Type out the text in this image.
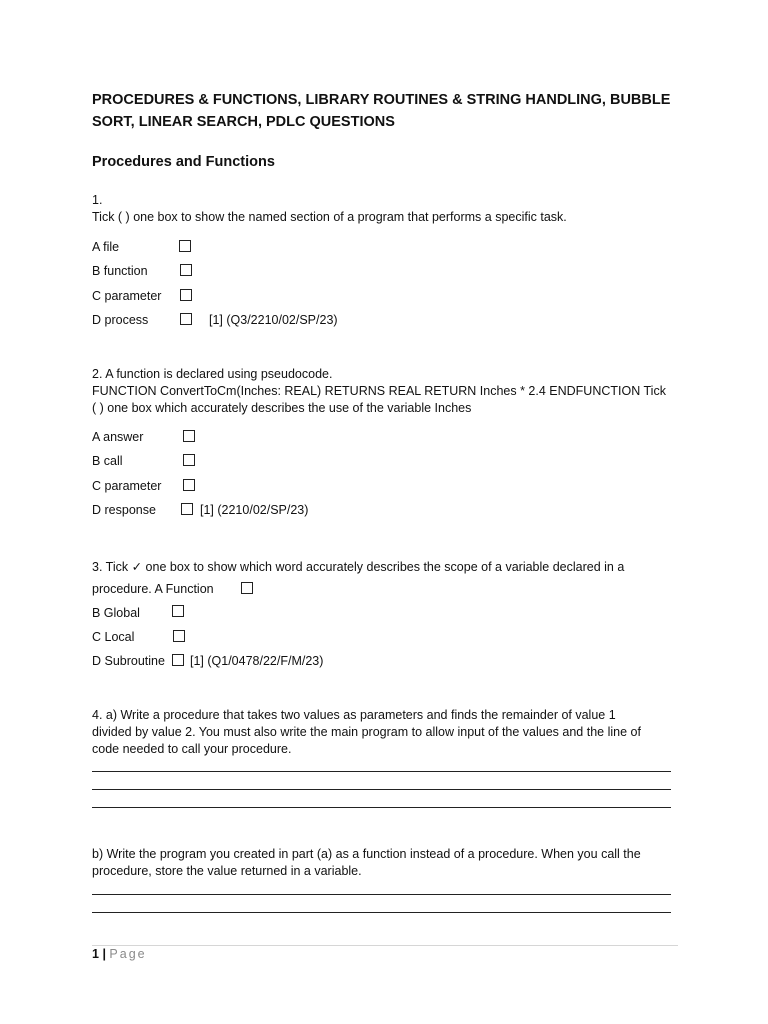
PROCEDURES & FUNCTIONS, LIBRARY ROUTINES & STRING HANDLING, BUBBLE
SORT, LINEAR SEARCH, PDLC QUESTIONS
Procedures and Functions
1.
Tick ( ) one box to show the named section of a program that performs a specific task.
A file
B function
C parameter
D process	[1] (Q3/2210/02/SP/23)
2. A function is declared using pseudocode.
FUNCTION ConvertToCm(Inches: REAL) RETURNS REAL RETURN Inches * 2.4 ENDFUNCTION Tick
( ) one box which accurately describes the use of the variable Inches
A answer
B call
C parameter
D response	[1] (2210/02/SP/23)
3. Tick ✓ one box to show which word accurately describes the scope of a variable declared in a
procedure. A Function
B Global
C Local
D Subroutine [1] (Q1/0478/22/F/M/23)
4. a) Write a procedure that takes two values as parameters and finds the remainder of value 1
divided by value 2. You must also write the main program to allow input of the values and the line of
code needed to call your procedure.
b) Write the program you created in part (a) as a function instead of a procedure. When you call the
procedure, store the value returned in a variable.
1 | Page
